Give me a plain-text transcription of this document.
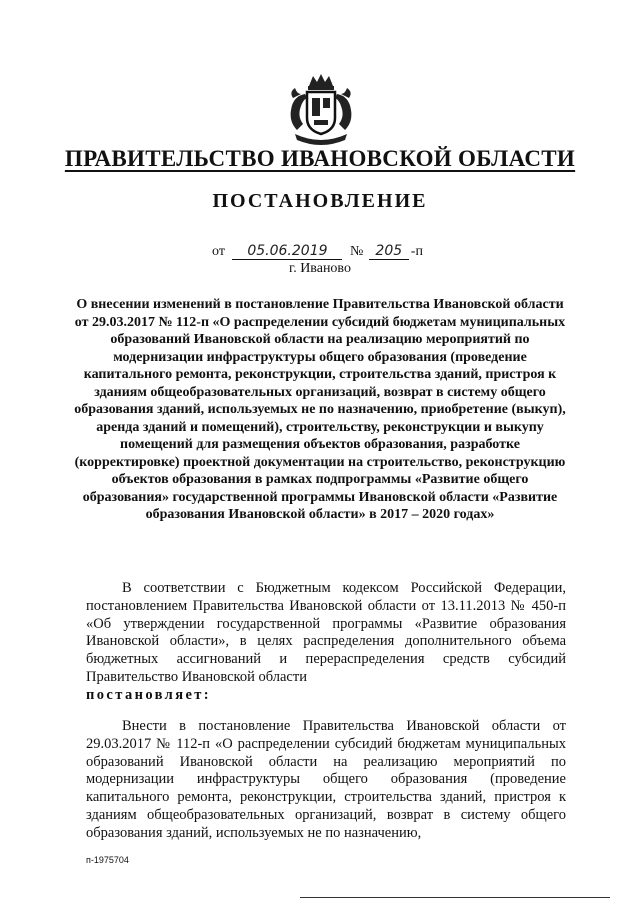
ПРАВИТЕЛЬСТВО ИВАНОВСКОЙ ОБЛАСТИ
ПОСТАНОВЛЕНИЕ
от 05.06.2019 № 205 -п
г. Иваново
О внесении изменений в постановление Правительства Ивановской области от 29.03.2017 № 112-п «О распределении субсидий бюджетам муниципальных образований Ивановской области на реализацию мероприятий по модернизации инфраструктуры общего образования (проведение капитального ремонта, реконструкции, строительства зданий, пристроя к зданиям общеобразовательных организаций, возврат в систему общего образования зданий, используемых не по назначению, приобретение (выкуп), аренда зданий и помещений), строительству, реконструкции и выкупу помещений для размещения объектов образования, разработке (корректировке) проектной документации на строительство, реконструкцию объектов образования в рамках подпрограммы «Развитие общего образования» государственной программы Ивановской области «Развитие образования Ивановской области» в 2017 – 2020 годах»
В соответствии с Бюджетным кодексом Российской Федерации, постановлением Правительства Ивановской области от 13.11.2013 № 450-п «Об утверждении государственной программы «Развитие образования Ивановской области», в целях распределения дополнительного объема бюджетных ассигнований и перераспределения средств субсидий Правительство Ивановской области
постановляет:
Внести в постановление Правительства Ивановской области от 29.03.2017 № 112-п «О распределении субсидий бюджетам муниципальных образований Ивановской области на реализацию мероприятий по модернизации инфраструктуры общего образования (проведение капитального ремонта, реконструкции, строительства зданий, пристроя к зданиям общеобразовательных организаций, возврат в систему общего образования зданий, используемых не по назначению,
п-1975704
